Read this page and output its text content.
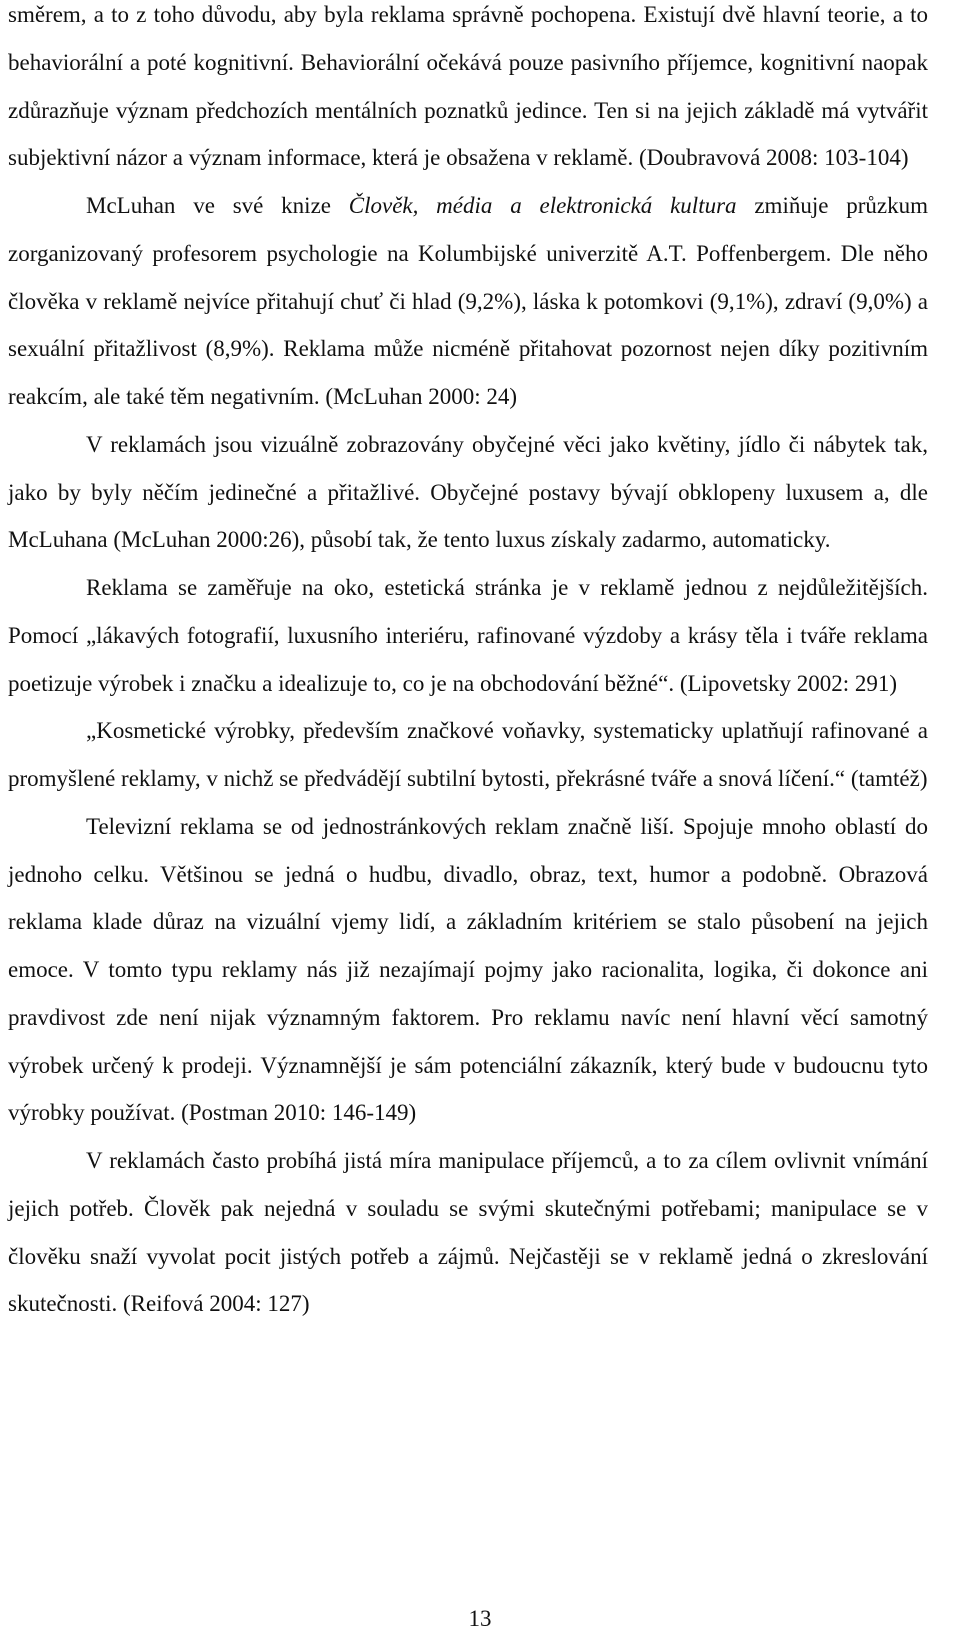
směrem, a to z toho důvodu, aby byla reklama správně pochopena. Existují dvě hlavní teorie, a to behaviorální a poté kognitivní. Behaviorální očekává pouze pasivního příjemce, kognitivní naopak zdůrazňuje význam předchozích mentálních poznatků jedince. Ten si na jejich základě má vytvářit subjektivní názor a význam informace, která je obsažena v reklamě. (Doubravová 2008: 103-104)

McLuhan ve své knize Člověk, média a elektronická kultura zmiňuje průzkum zorganizovaný profesorem psychologie na Kolumbijské univerzitě A.T. Poffenbergem. Dle něho člověka v reklamě nejvíce přitahují chuť či hlad (9,2%), láska k potomkovi (9,1%), zdraví (9,0%) a sexuální přitažlivost (8,9%). Reklama může nicméně přitahovat pozornost nejen díky pozitivním reakcím, ale také těm negativním. (McLuhan 2000: 24)

V reklamách jsou vizuálně zobrazovány obyčejné věci jako květiny, jídlo či nábytek tak, jako by byly něčím jedinečné a přitažlivé. Obyčejné postavy bývají obklopeny luxusem a, dle McLuhana (McLuhan 2000:26), působí tak, že tento luxus získaly zadarmo, automaticky.

Reklama se zaměřuje na oko, estetická stránka je v reklamě jednou z nejdůležitějších. Pomocí „lákavých fotografií, luxusního interiéru, rafinované výzdoby a krásy těla i tváře reklama poetizuje výrobek i značku a idealizuje to, co je na obchodování běžné“. (Lipovetsky 2002: 291)

„Kosmetické výrobky, především značkové voňavky, systematicky uplatňují rafinované a promyšlené reklamy, v nichž se předvádějí subtilní bytosti, překrásné tváře a snová líčení.“ (tamtéž)

Televizní reklama se od jednostránkových reklam značně liší. Spojuje mnoho oblastí do jednoho celku. Většinou se jedná o hudbu, divadlo, obraz, text, humor a podobně. Obrazová reklama klade důraz na vizuální vjemy lidí, a základním kritériem se stalo působení na jejich emoce. V tomto typu reklamy nás již nezajímají pojmy jako racionalita, logika, či dokonce ani pravdivost zde není nijak významným faktorem. Pro reklamu navíc není hlavní věcí samotný výrobek určený k prodeji. Významnější je sám potenciální zákazník, který bude v budoucnu tyto výrobky používat. (Postman 2010: 146-149)

V reklamách často probíhá jistá míra manipulace příjemců, a to za cílem ovlivnit vnímání jejich potřeb. Člověk pak nejedná v souladu se svými skutečnými potřebami; manipulace se v člověku snaží vyvolat pocit jistých potřeb a zájmů. Nejčastěji se v reklamě jedná o zkreslování skutečnosti. (Reifová 2004: 127)

13
